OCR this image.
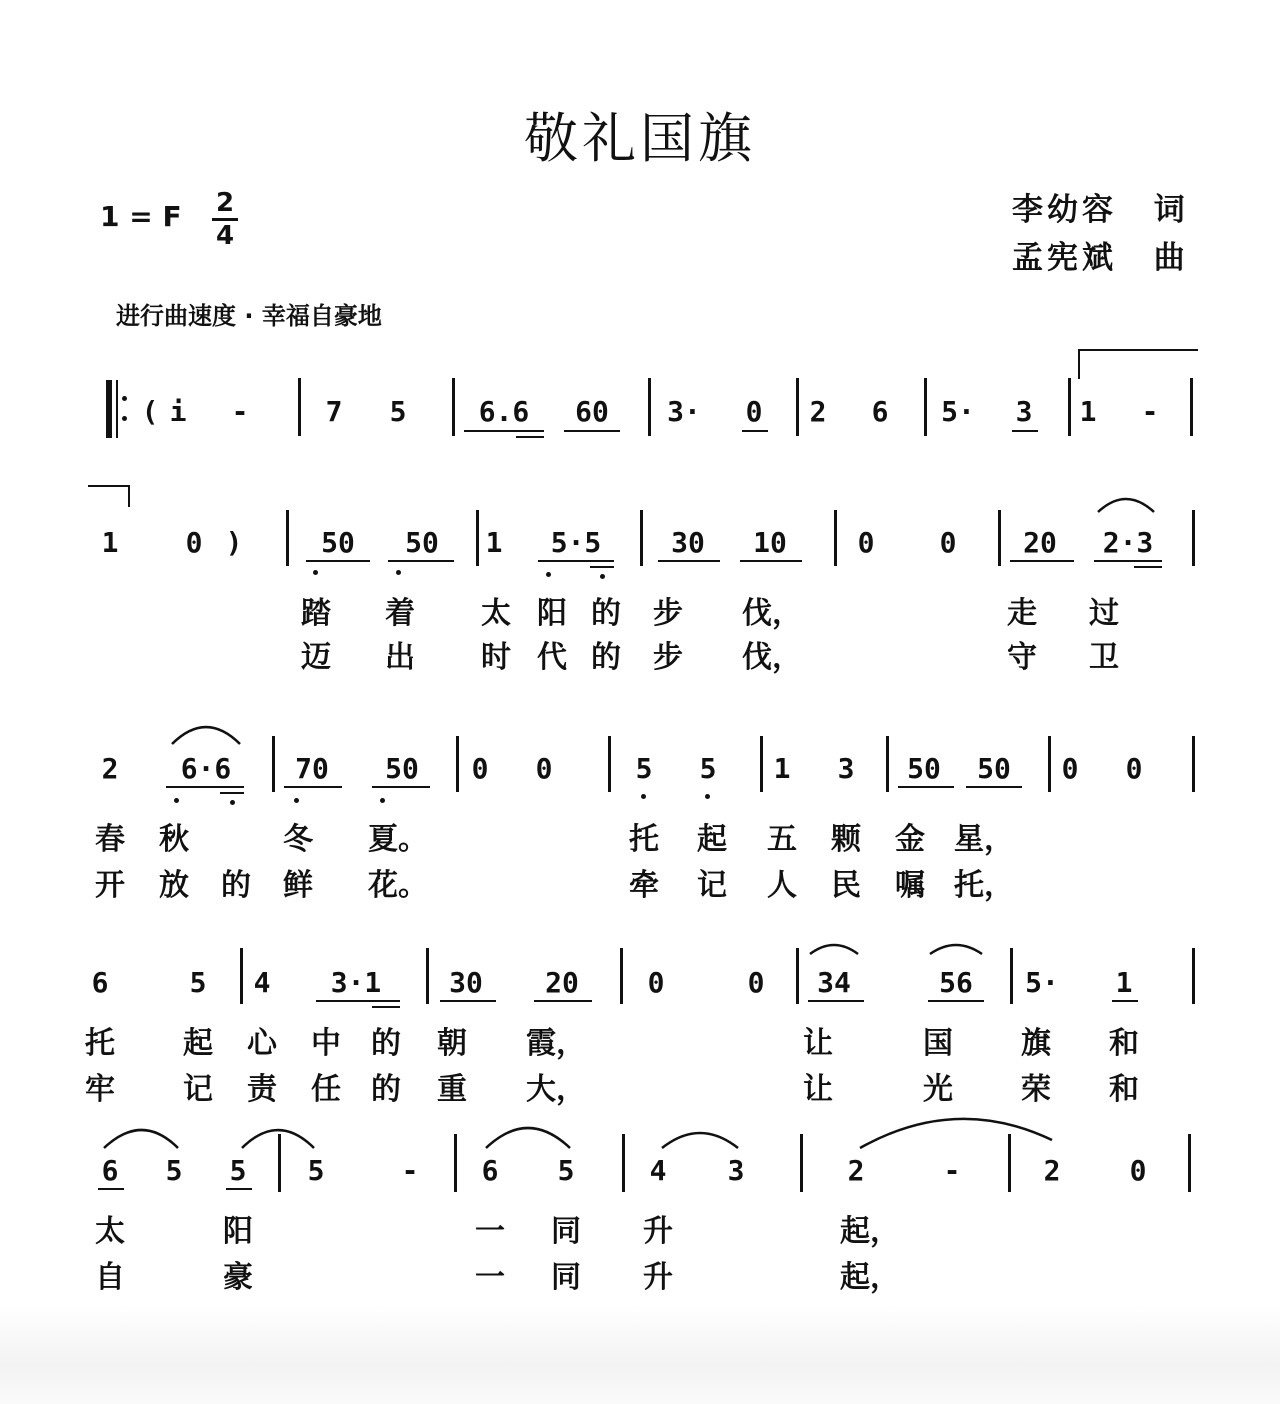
敬礼国旗
1 = F 2
4
李幼容 词
孟宪斌 曲
进行曲速度 · 幸福自豪地
( i -	7 5	6.6 60 3· 0 2 6 5· 3 1 -
1 0 )	50 50 1 5·5 30 10	0 0 20 2·3
踏 着 太 阳 的 步 伐，	走 过
迈 出 时 代 的 步 伐，	守 卫
2 6·6 70 50 0 0	5 5 1 3 50 50 0 0
春 秋	冬 夏。	托 起 五 颗 金 星，
开 放 的 鲜 花。	牵 记 人 民 嘱 托，
6	5 4 3·1 30 20 0	0 34	56 5· 1
托 起 心 中 的 朝 霞，	让	国 旗 和
牢 记 责 任 的 重 大，	让	光 荣 和
6 5 5 5	- 6 5	4 3	2	-	2 0
太	阳	一 同 升	起，
自	豪	一 同 升	起，
